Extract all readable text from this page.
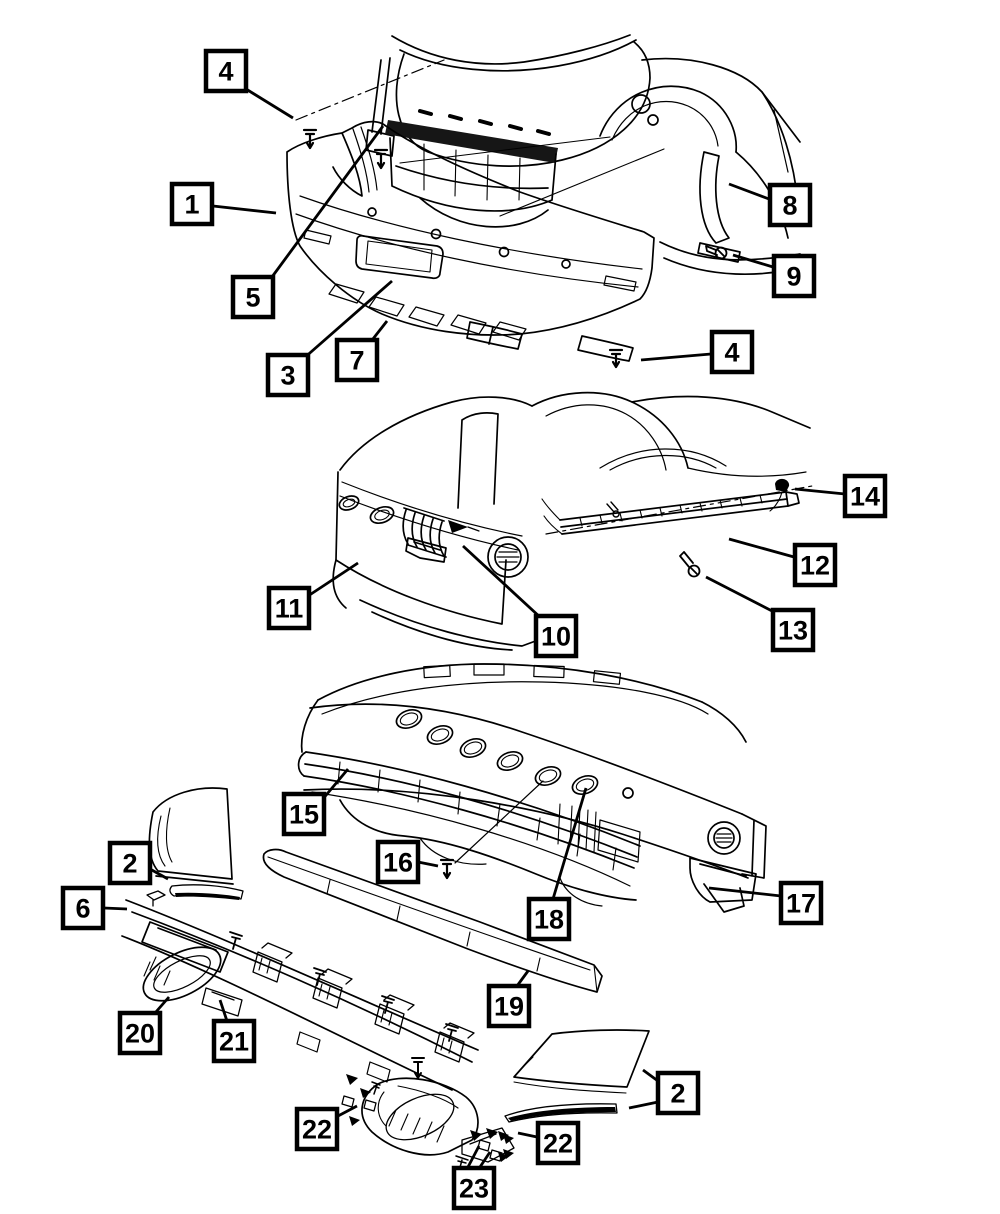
4
1
5
3 7
8
9
4
14
12
13
11
10
15
16
18
17
19
2
6
20 21
2
22	22
23
